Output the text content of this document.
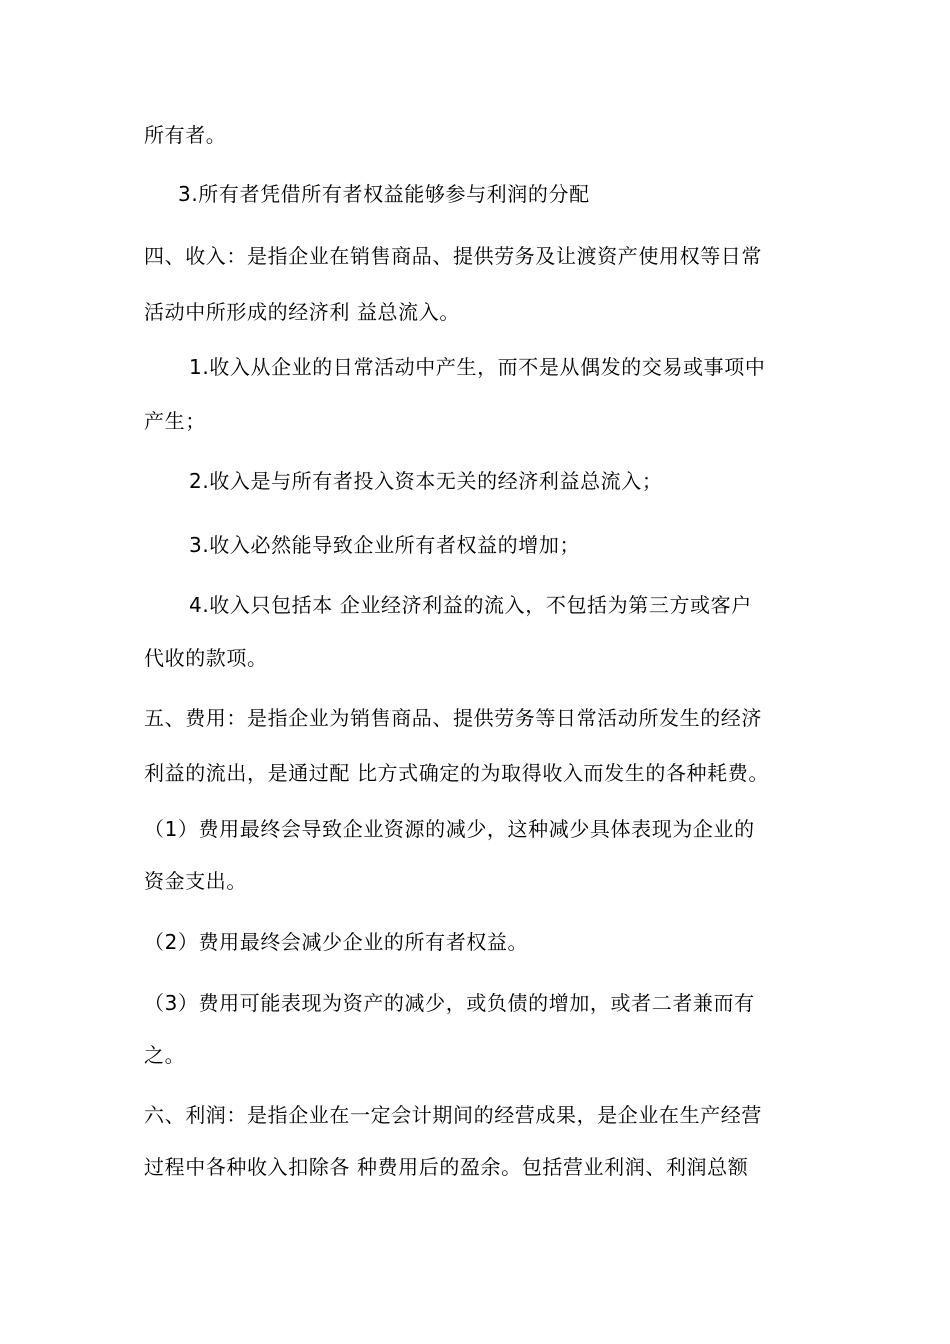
所有者。
3.所有者凭借所有者权益能够参与利润的分配
四、收入：是指企业在销售商品、提供劳务及让渡资产使用权等日常
活动中所形成的经济利 益总流入。
1.收入从企业的日常活动中产生，而不是从偶发的交易或事项中
产生；
2.收入是与所有者投入资本无关的经济利益总流入；
3.收入必然能导致企业所有者权益的增加；
4.收入只包括本 企业经济利益的流入，不包括为第三方或客户
代收的款项。
五、费用：是指企业为销售商品、提供劳务等日常活动所发生的经济
利益的流出，是通过配 比方式确定的为取得收入而发生的各种耗费。
（1）费用最终会导致企业资源的减少，这种减少具体表现为企业的
资金支出。
（2）费用最终会减少企业的所有者权益。
（3）费用可能表现为资产的减少，或负债的增加，或者二者兼而有
之。
六、利润：是指企业在一定会计期间的经营成果，是企业在生产经营
过程中各种收入扣除各 种费用后的盈余。包括营业利润、利润总额
